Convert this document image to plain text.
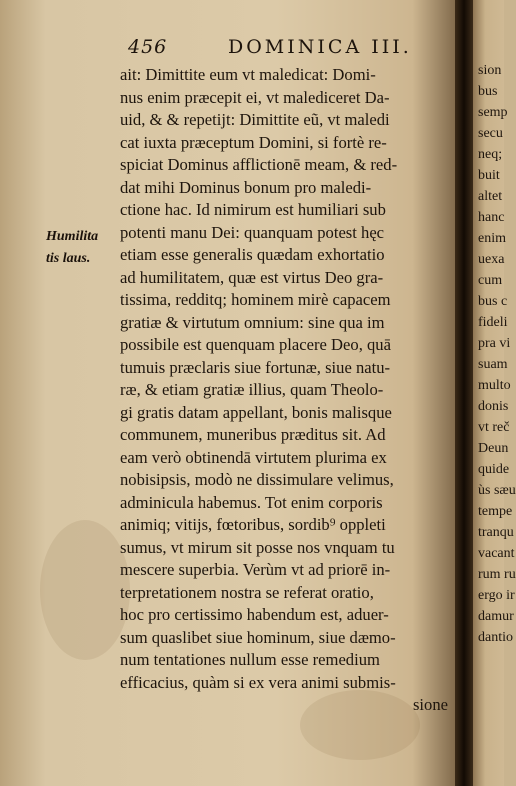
456	DOMINICA III.
Humilita
tis laus.
ait: Dimittite eum vt maledicat: Domi-
nus enim præcepit ei, vt malediceret Da-
uid, & & repetijt: Dimittite eũ, vt maledi
cat iuxta præceptum Domini, si fortè re-
spiciat Dominus afflictionē meam, & red-
dat mihi Dominus bonum pro maledi-
ctione hac. Id nimirum est humiliari sub
potenti manu Dei: quanquam potest hęc
etiam esse generalis quædam exhortatio
ad humilitatem, quæ est virtus Deo gra-
tissima, redditq; hominem mirè capacem
gratiæ & virtutum omnium: sine qua im
possibile est quenquam placere Deo, quā
tumuis præclaris siue fortunæ, siue natu-
ræ, & etiam gratiæ illius, quam Theolo-
gi gratis datam appellant, bonis malisque
communem, muneribus præditus sit. Ad
eam verò obtinendā virtutem plurima ex
nobisipsis, modò ne dissimulare velimus,
adminicula habemus. Tot enim corporis
animiq; vitijs, fœtoribus, sordib⁹ oppleti
sumus, vt mirum sit posse nos vnquam tu
mescere superbia. Verùm vt ad priorē in-
terpretationem nostra se referat oratio,
hoc pro certissimo habendum est, aduer-
sum quaslibet siue hominum, siue dæmo-
num tentationes nullum esse remedium
efficacius, quàm si ex vera animi submis-
sione
sion
bus
semp
secu
neq;
buit
altet
hanc
enim
uexa
cum
bus c
fideli
pra vi
suam
multo
donis
vt reč
Deun
quide
ùs sæu
tempe
tranqu
vacant
rum ru
ergo ir
damur
dantio
